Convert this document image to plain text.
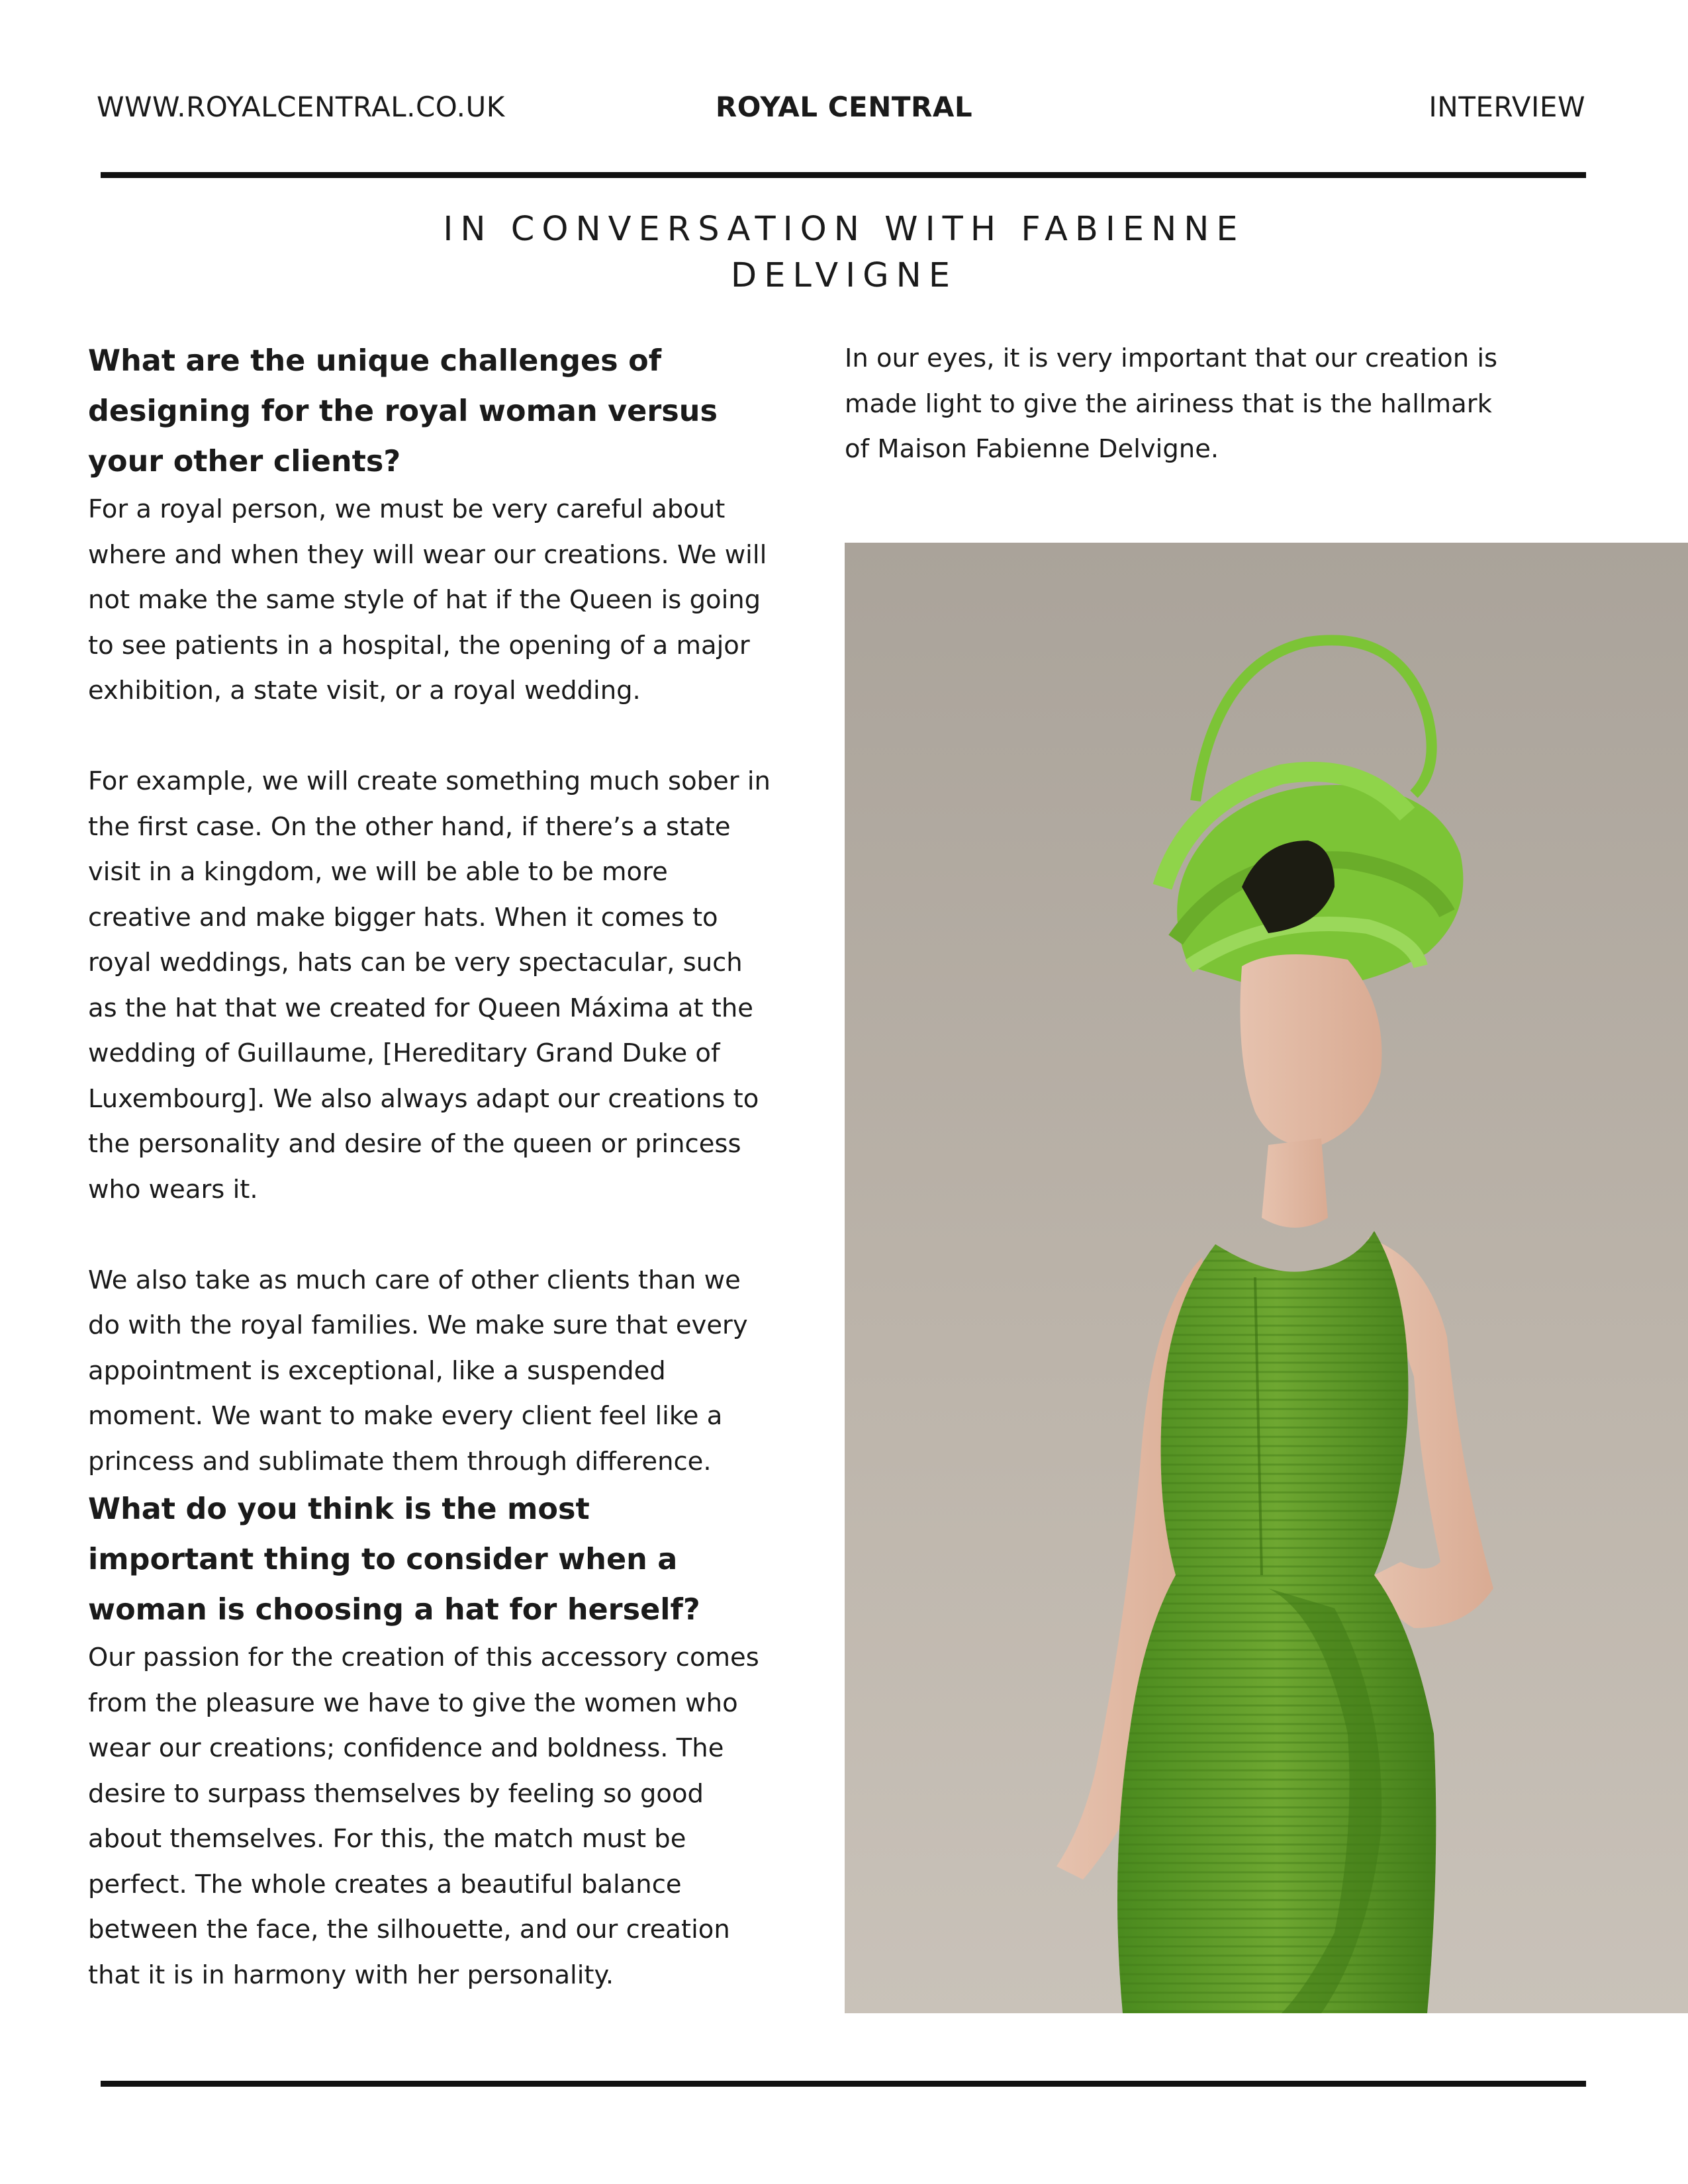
WWW.ROYALCENTRAL.CO.UK	ROYAL CENTRAL	INTERVIEW
IN CONVERSATION WITH FABIENNE
DELVIGNE
What are the unique challenges of designing for the royal woman versus your other clients?

For a royal person, we must be very careful about where and when they will wear our creations. We will not make the same style of hat if the Queen is going to see patients in a hospital, the opening of a major exhibition, a state visit, or a royal wedding.

For example, we will create something much sober in the first case. On the other hand, if there’s a state visit in a kingdom, we will be able to be more creative and make bigger hats. When it comes to royal weddings, hats can be very spectacular, such as the hat that we created for Queen Máxima at the wedding of Guillaume, [Hereditary Grand Duke of Luxembourg]. We also always adapt our creations to the personality and desire of the queen or princess who wears it.

We also take as much care of other clients than we do with the royal families. We make sure that every appointment is exceptional, like a suspended moment. We want to make every client feel like a princess and sublimate them through difference.

What do you think is the most important thing to consider when a woman is choosing a hat for herself?

Our passion for the creation of this accessory comes from the pleasure we have to give the women who wear our creations; confidence and boldness. The desire to surpass themselves by feeling so good about themselves. For this, the match must be perfect. The whole creates a beautiful balance between the face, the silhouette, and our creation that it is in harmony with her personality.

In our eyes, it is very important that our creation is made light to give the airiness that is the hallmark of Maison Fabienne Delvigne.
